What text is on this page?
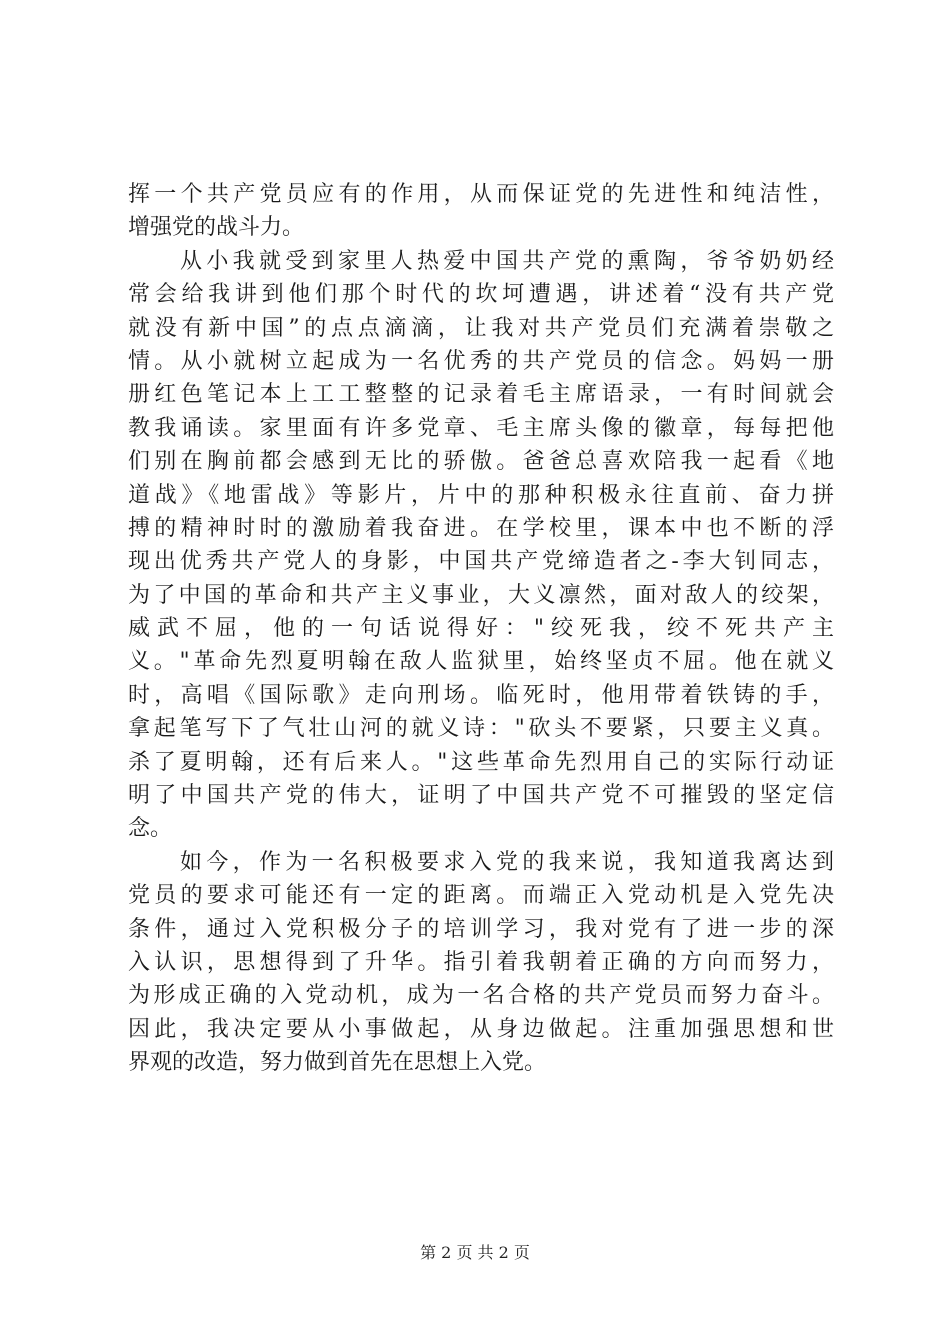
挥一个共产党员应有的作用，从而保证党的先进性和纯洁性，
增强党的战斗力。
从小我就受到家里人热爱中国共产党的熏陶，爷爷奶奶经
常会给我讲到他们那个时代的坎坷遭遇，讲述着“没有共产党
就没有新中国”的点点滴滴，让我对共产党员们充满着崇敬之
情。从小就树立起成为一名优秀的共产党员的信念。妈妈一册
册红色笔记本上工工整整的记录着毛主席语录，一有时间就会
教我诵读。家里面有许多党章、毛主席头像的徽章，每每把他
们别在胸前都会感到无比的骄傲。爸爸总喜欢陪我一起看《地
道战》《地雷战》等影片，片中的那种积极永往直前、奋力拼
搏的精神时时的激励着我奋进。在学校里，课本中也不断的浮
现出优秀共产党人的身影，中国共产党缔造者之-李大钊同志，
为了中国的革命和共产主义事业，大义凛然，面对敌人的绞架，
威武不屈，他的一句话说得好："绞死我，绞不死共产主
义。"革命先烈夏明翰在敌人监狱里，始终坚贞不屈。他在就义
时，高唱《国际歌》走向刑场。临死时，他用带着铁铸的手，
拿起笔写下了气壮山河的就义诗："砍头不要紧，只要主义真。
杀了夏明翰，还有后来人。"这些革命先烈用自己的实际行动证
明了中国共产党的伟大，证明了中国共产党不可摧毁的坚定信
念。
如今，作为一名积极要求入党的我来说，我知道我离达到
党员的要求可能还有一定的距离。而端正入党动机是入党先决
条件，通过入党积极分子的培训学习，我对党有了进一步的深
入认识，思想得到了升华。指引着我朝着正确的方向而努力，
为形成正确的入党动机，成为一名合格的共产党员而努力奋斗。
因此，我决定要从小事做起，从身边做起。注重加强思想和世
界观的改造，努力做到首先在思想上入党。
第 2 页 共 2 页
